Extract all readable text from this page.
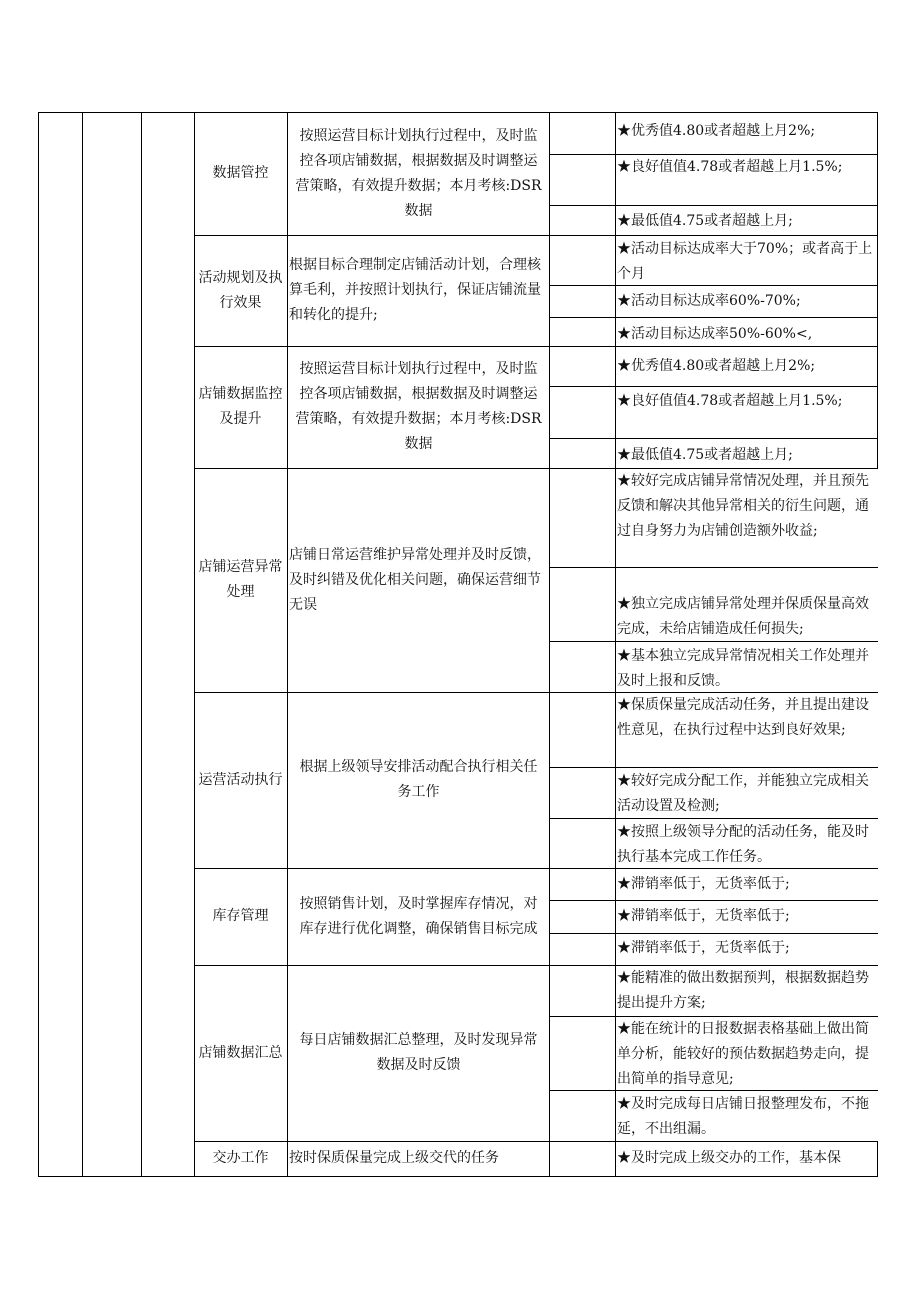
数据管控
按照运营目标计划执行过程中，及时监控各项店铺数据，根据数据及时调整运营策略，有效提升数据；本月考核:DSR数据
★优秀值4.80或者超越上月2%;
★良好值值4.78或者超越上月1.5%;
★最低值4.75或者超越上月;
活动规划及执行效果
根据目标合理制定店铺活动计划，合理核算毛利，并按照计划执行，保证店铺流量和转化的提升;
★活动目标达成率大于70%；或者高于上个月
★活动目标达成率60%-70%;
★活动目标达成率50%-60%<,
店铺数据监控及提升
按照运营目标计划执行过程中，及时监控各项店铺数据，根据数据及时调整运营策略，有效提升数据；本月考核:DSR数据
★优秀值4.80或者超越上月2%;
★良好值值4.78或者超越上月1.5%;
★最低值4.75或者超越上月;
店铺运营异常处理
店铺日常运营维护异常处理并及时反馈，及时纠错及优化相关问题，确保运营细节无误
★较好完成店铺异常情况处理，并且预先反馈和解决其他异常相关的衍生问题，通过自身努力为店铺创造额外收益;
★独立完成店铺异常处理并保质保量高效完成，未给店铺造成任何损失;
★基本独立完成异常情况相关工作处理并及时上报和反馈。
运营活动执行
根据上级领导安排活动配合执行相关任务工作
★保质保量完成活动任务，并且提出建设性意见，在执行过程中达到良好效果;
★较好完成分配工作，并能独立完成相关活动设置及检测;
★按照上级领导分配的活动任务，能及时执行基本完成工作任务。
库存管理
按照销售计划，及时掌握库存情况，对库存进行优化调整，确保销售目标完成
★滞销率低于，无货率低于;
★滞销率低于，无货率低于;
★滞销率低于，无货率低于;
店铺数据汇总
每日店铺数据汇总整理，及时发现异常数据及时反馈
★能精准的做出数据预判，根据数据趋势提出提升方案;
★能在统计的日报数据表格基础上做出简单分析，能较好的预估数据趋势走向，提出简单的指导意见;
★及时完成每日店铺日报整理发布，不拖延，不出组漏。
交办工作	按时保质保量完成上级交代的任务	★及时完成上级交办的工作，基本保
